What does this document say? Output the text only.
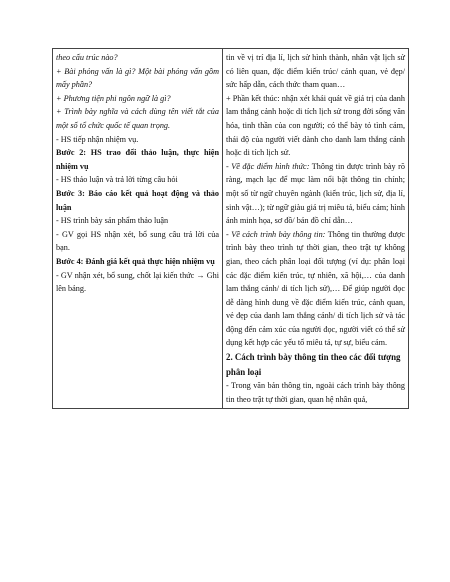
theo cấu trúc nào?

+ Bài phỏng vấn là gì? Một bài phỏng vấn gồm mấy phần?

+ Phương tiện phi ngôn ngữ là gì?

+ Trình bày nghĩa và cách dùng tên viết tắt của một số tổ chức quốc tế quan trọng.

- HS tiếp nhận nhiệm vụ.

Bước 2: HS trao đổi thảo luận, thực hiện nhiệm vụ

- HS thảo luận và trả lời từng câu hỏi

Bước 3: Báo cáo kết quả hoạt động và thảo luận

- HS trình bày sản phẩm thảo luận

- GV gọi HS nhận xét, bổ sung câu trả lời của bạn.

Bước 4: Đánh giá kết quả thực hiện nhiệm vụ

- GV nhận xét, bổ sung, chốt lại kiến thức → Ghi lên bảng.

tin về vị trí địa lí, lịch sử hình thành, nhân vật lịch sử có liên quan, đặc điểm kiến trúc/ cảnh quan, vẻ đẹp/ sức hấp dẫn, cách thức tham quan…

+ Phần kết thúc: nhận xét khái quát về giá trị của danh lam thắng cảnh hoặc di tích lịch sử trong đời sống văn hóa, tinh thần của con người; có thể bày tỏ tình cảm, thái độ của người viết dành cho danh lam thắng cảnh hoặc di tích lịch sử.

- Về đặc điểm hình thức: Thông tin được trình bày rõ ràng, mạch lạc để mục làm nổi bật thông tin chính; một số từ ngữ chuyên ngành (kiến trúc, lịch sử, địa lí, sinh vật…); từ ngữ giàu giá trị miêu tả, biểu cảm; hình ảnh minh họa, sơ đồ/ bản đồ chỉ dẫn…

- Về cách trình bày thông tin: Thông tin thường được trình bày theo trình tự thời gian, theo trật tự không gian, theo cách phân loại đối tượng (ví dụ: phân loại các đặc điểm kiến trúc, tự nhiên, xã hội,… của danh lam thắng cảnh/ di tích lịch sử),… Để giúp người đọc dễ dàng hình dung về đặc điểm kiến trúc, cảnh quan, vẻ đẹp của danh lam thắng cảnh/ di tích lịch sử và tác động đến cảm xúc của người đọc, người viết có thể sử dụng kết hợp các yếu tố miêu tả, tự sự, biểu cảm.

2. Cách trình bày thông tin theo các đối tượng phân loại

- Trong văn bản thông tin, ngoài cách trình bày thông tin theo trật tự thời gian, quan hệ nhân quả,
